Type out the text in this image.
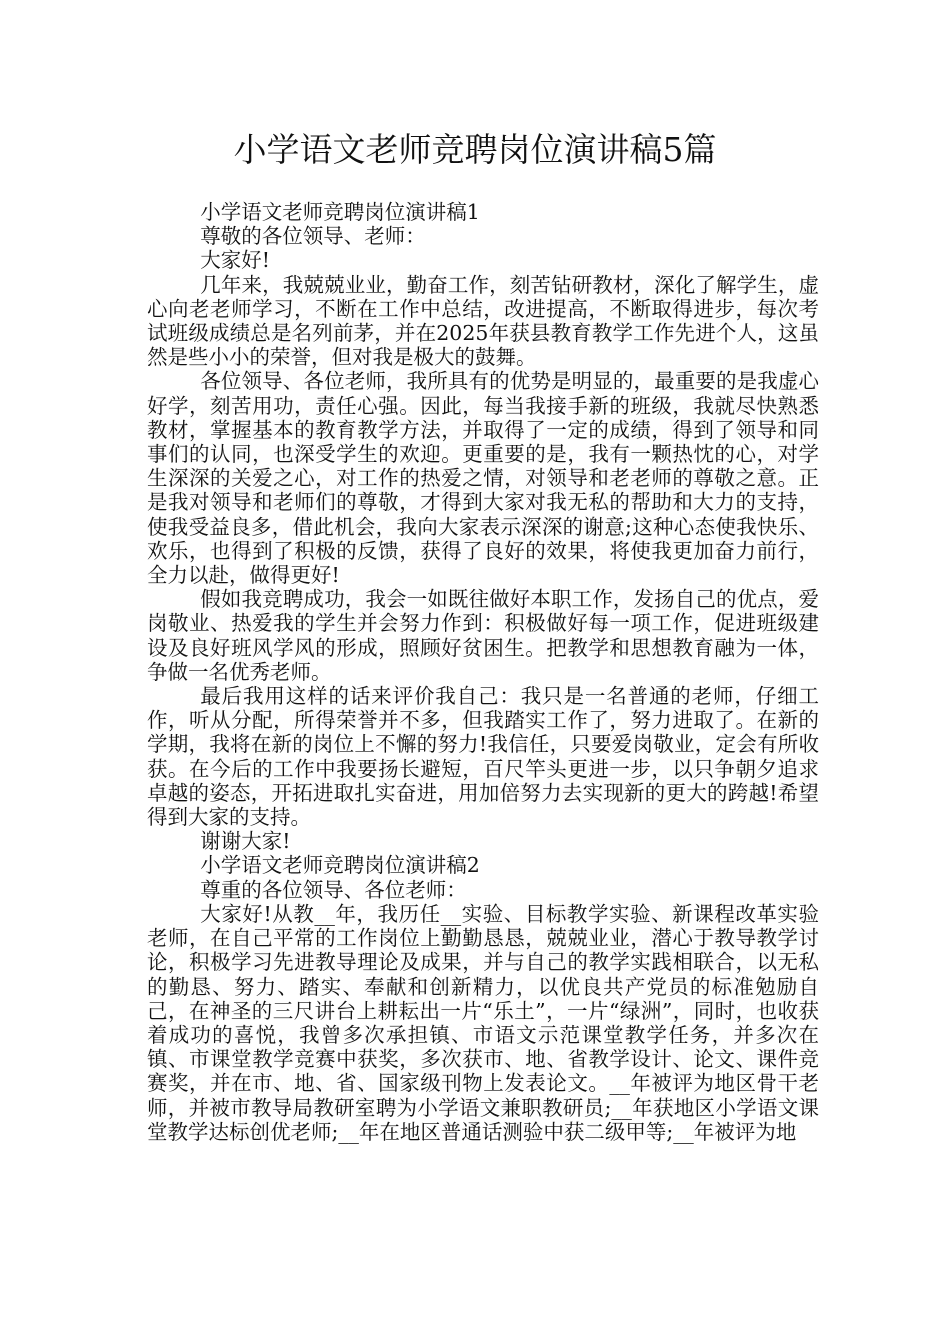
小学语文老师竞聘岗位演讲稿5篇

小学语文老师竞聘岗位演讲稿1

尊敬的各位领导、老师：

大家好!

几年来，我兢兢业业，勤奋工作，刻苦钻研教材，深化了解学生，虚心向老老师学习，不断在工作中总结，改进提高，不断取得进步，每次考试班级成绩总是名列前茅，并在2025年获县教育教学工作先进个人，这虽然是些小小的荣誉，但对我是极大的鼓舞。

各位领导、各位老师，我所具有的优势是明显的，最重要的是我虚心好学，刻苦用功，责任心强。因此，每当我接手新的班级，我就尽快熟悉教材，掌握基本的教育教学方法，并取得了一定的成绩，得到了领导和同事们的认同，也深受学生的欢迎。更重要的是，我有一颗热忱的心，对学生深深的关爱之心，对工作的热爱之情，对领导和老老师的尊敬之意。正是我对领导和老师们的尊敬，才得到大家对我无私的帮助和大力的支持，使我受益良多，借此机会，我向大家表示深深的谢意;这种心态使我快乐、欢乐，也得到了积极的反馈，获得了良好的效果，将使我更加奋力前行，全力以赴，做得更好!

假如我竞聘成功，我会一如既往做好本职工作，发扬自己的优点，爱岗敬业、热爱我的学生并会努力作到：积极做好每一项工作，促进班级建设及良好班风学风的形成，照顾好贫困生。把教学和思想教育融为一体，争做一名优秀老师。

最后我用这样的话来评价我自己：我只是一名普通的老师，仔细工作，听从分配，所得荣誉并不多，但我踏实工作了，努力进取了。在新的学期，我将在新的岗位上不懈的努力!我信任，只要爱岗敬业，定会有所收获。在今后的工作中我要扬长避短，百尺竿头更进一步，以只争朝夕追求卓越的姿态，开拓进取扎实奋进，用加倍努力去实现新的更大的跨越!希望得到大家的支持。

谢谢大家!

小学语文老师竞聘岗位演讲稿2

尊重的各位领导、各位老师：

大家好!从教__年，我历任__实验、目标教学实验、新课程改革实验老师，在自己平常的工作岗位上勤勤恳恳，兢兢业业，潜心于教导教学讨论，积极学习先进教导理论及成果，并与自己的教学实践相联合，以无私的勤恳、努力、踏实、奉献和创新精力，以优良共产党员的标准勉励自己，在神圣的三尺讲台上耕耘出一片“乐土”，一片“绿洲”，同时，也收获着成功的喜悦，我曾多次承担镇、市语文示范课堂教学任务，并多次在镇、市课堂教学竞赛中获奖，多次获市、地、省教学设计、论文、课件竞赛奖，并在市、地、省、国家级刊物上发表论文。__年被评为地区骨干老师，并被市教导局教研室聘为小学语文兼职教研员;__年获地区小学语文课堂教学达标创优老师;__年在地区普通话测验中获二级甲等;__年被评为地
